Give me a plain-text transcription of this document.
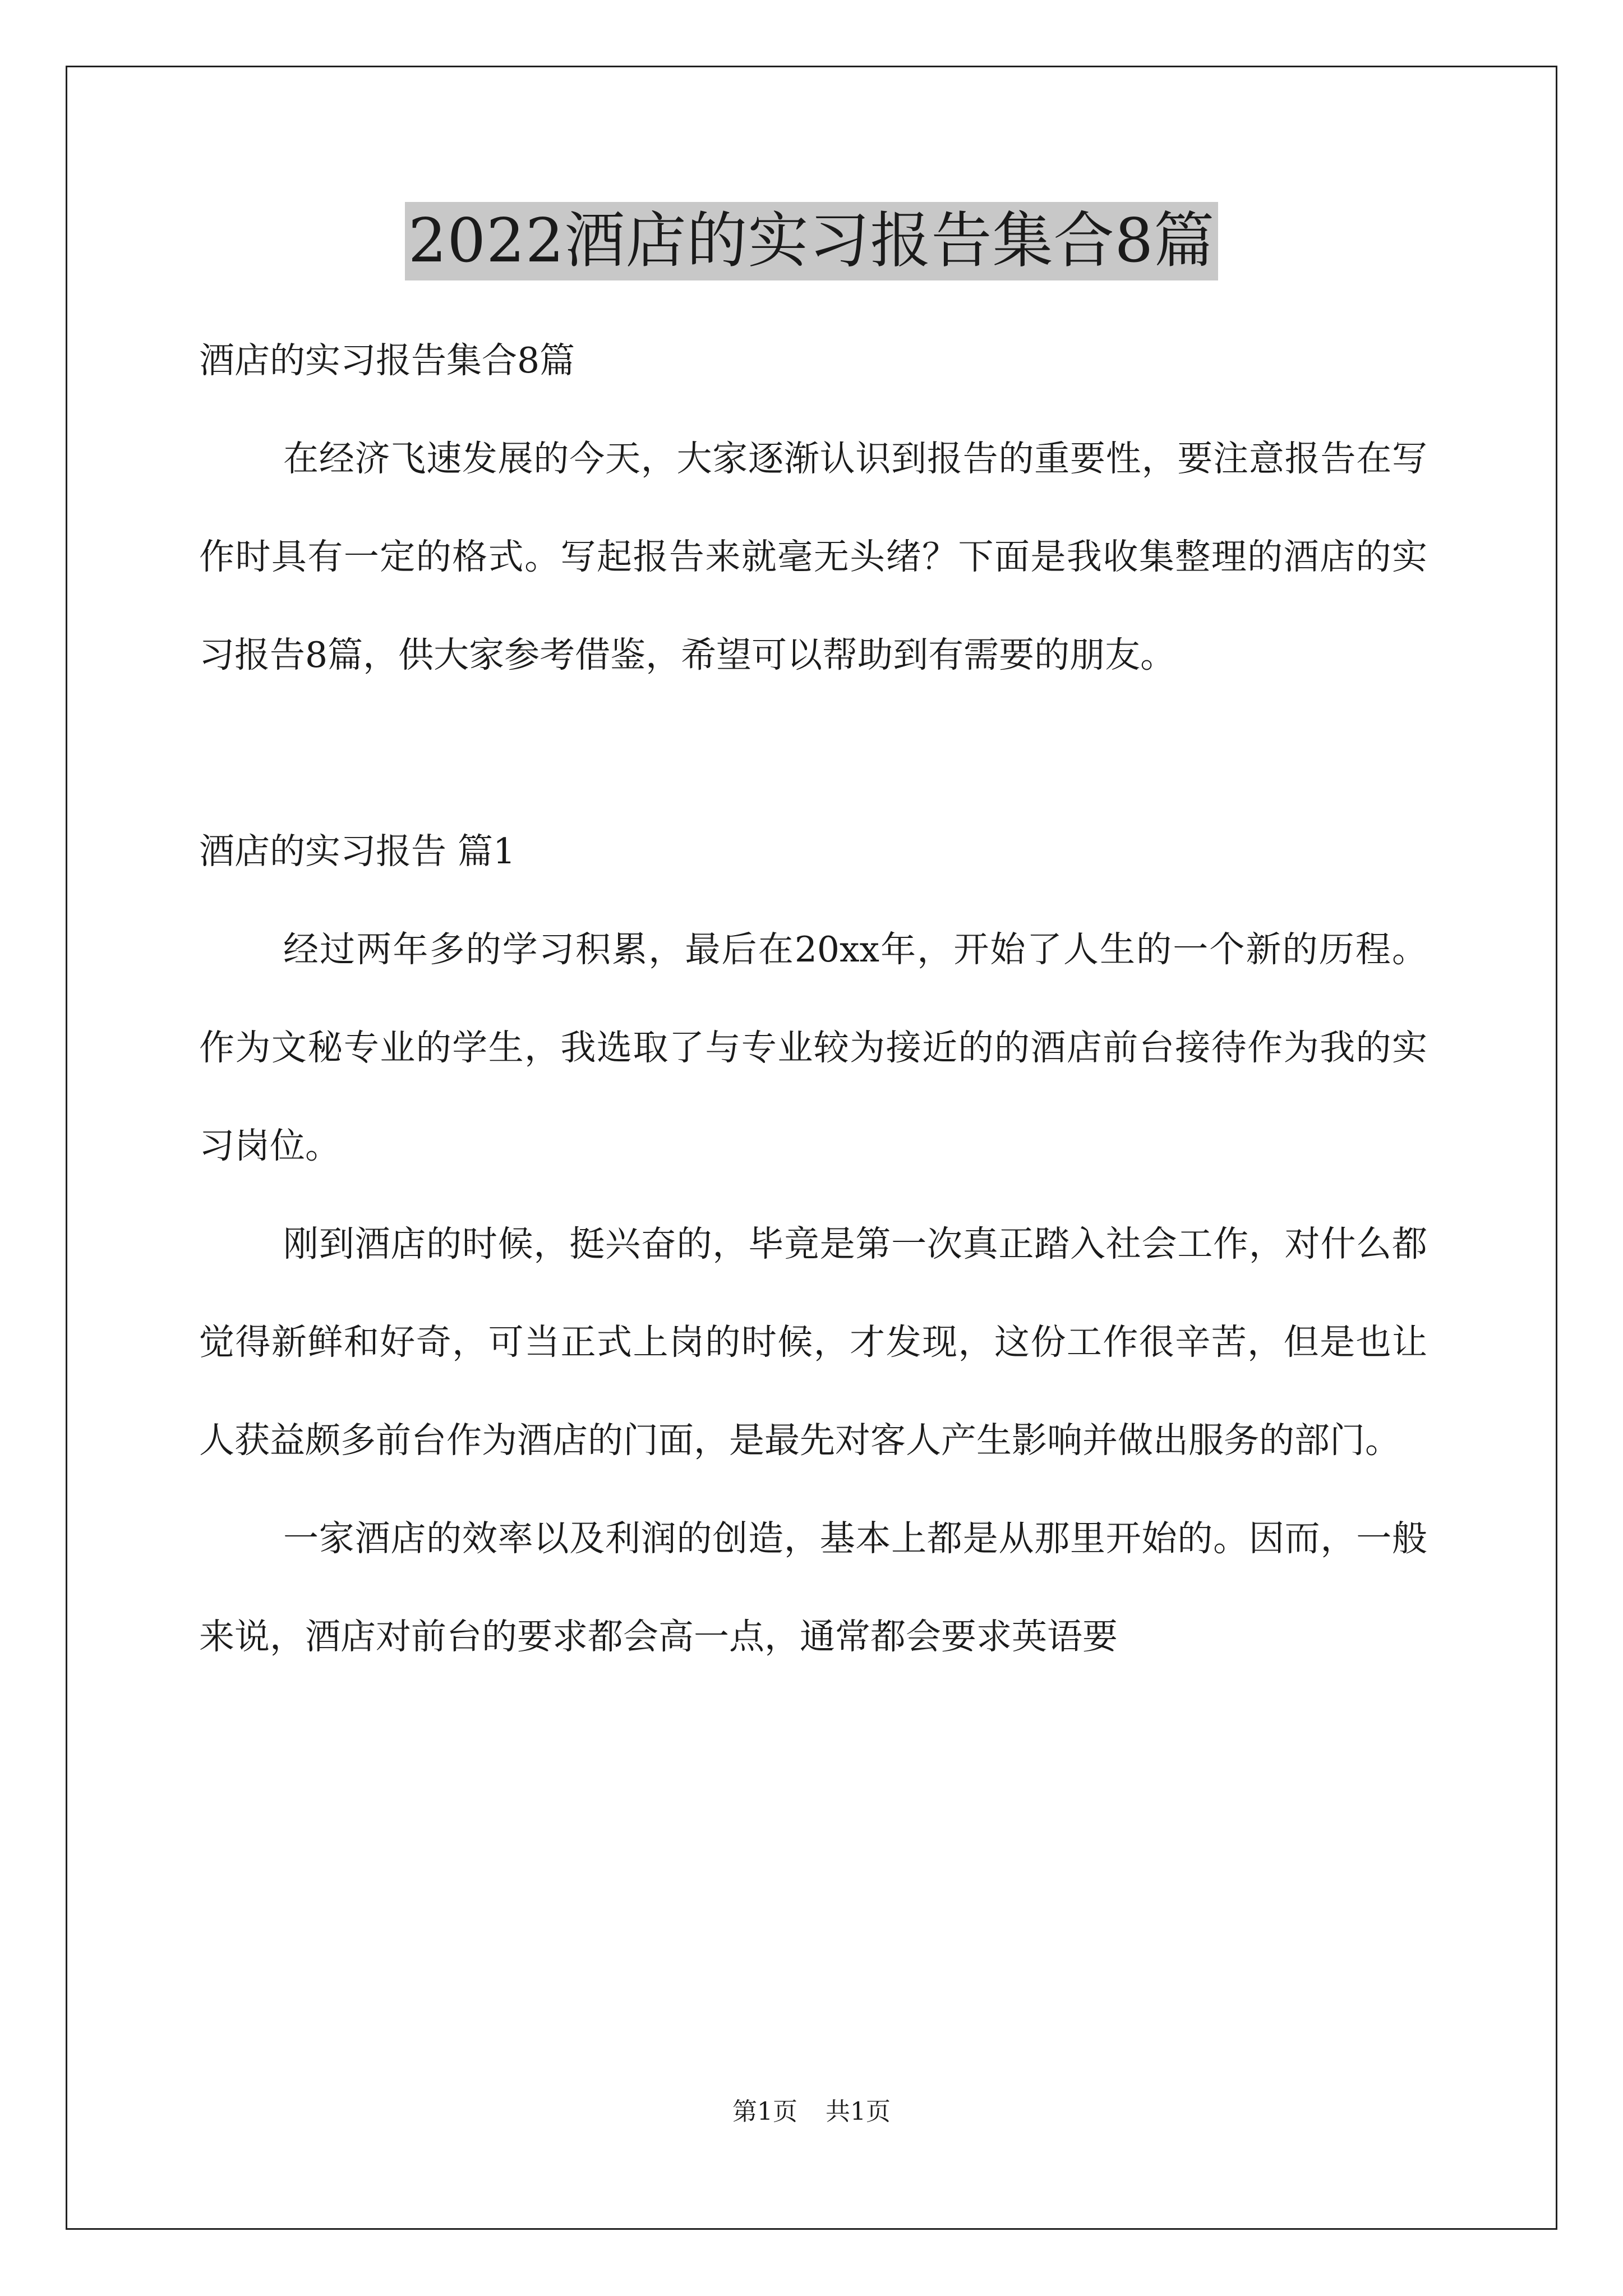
2022酒店的实习报告集合8篇

酒店的实习报告集合8篇

在经济飞速发展的今天，大家逐渐认识到报告的重要性，要注意报告在写作时具有一定的格式。写起报告来就毫无头绪？下面是我收集整理的酒店的实习报告8篇，供大家参考借鉴，希望可以帮助到有需要的朋友。

酒店的实习报告 篇1

经过两年多的学习积累，最后在20xx年，开始了人生的一个新的历程。作为文秘专业的学生，我选取了与专业较为接近的的酒店前台接待作为我的实习岗位。

刚到酒店的时候，挺兴奋的，毕竟是第一次真正踏入社会工作，对什么都觉得新鲜和好奇，可当正式上岗的时候，才发现，这份工作很辛苦，但是也让人获益颇多前台作为酒店的门面，是最先对客人产生影响并做出服务的部门。

一家酒店的效率以及利润的创造，基本上都是从那里开始的。因而，一般来说，酒店对前台的要求都会高一点，通常都会要求英语要

第1页 共1页
